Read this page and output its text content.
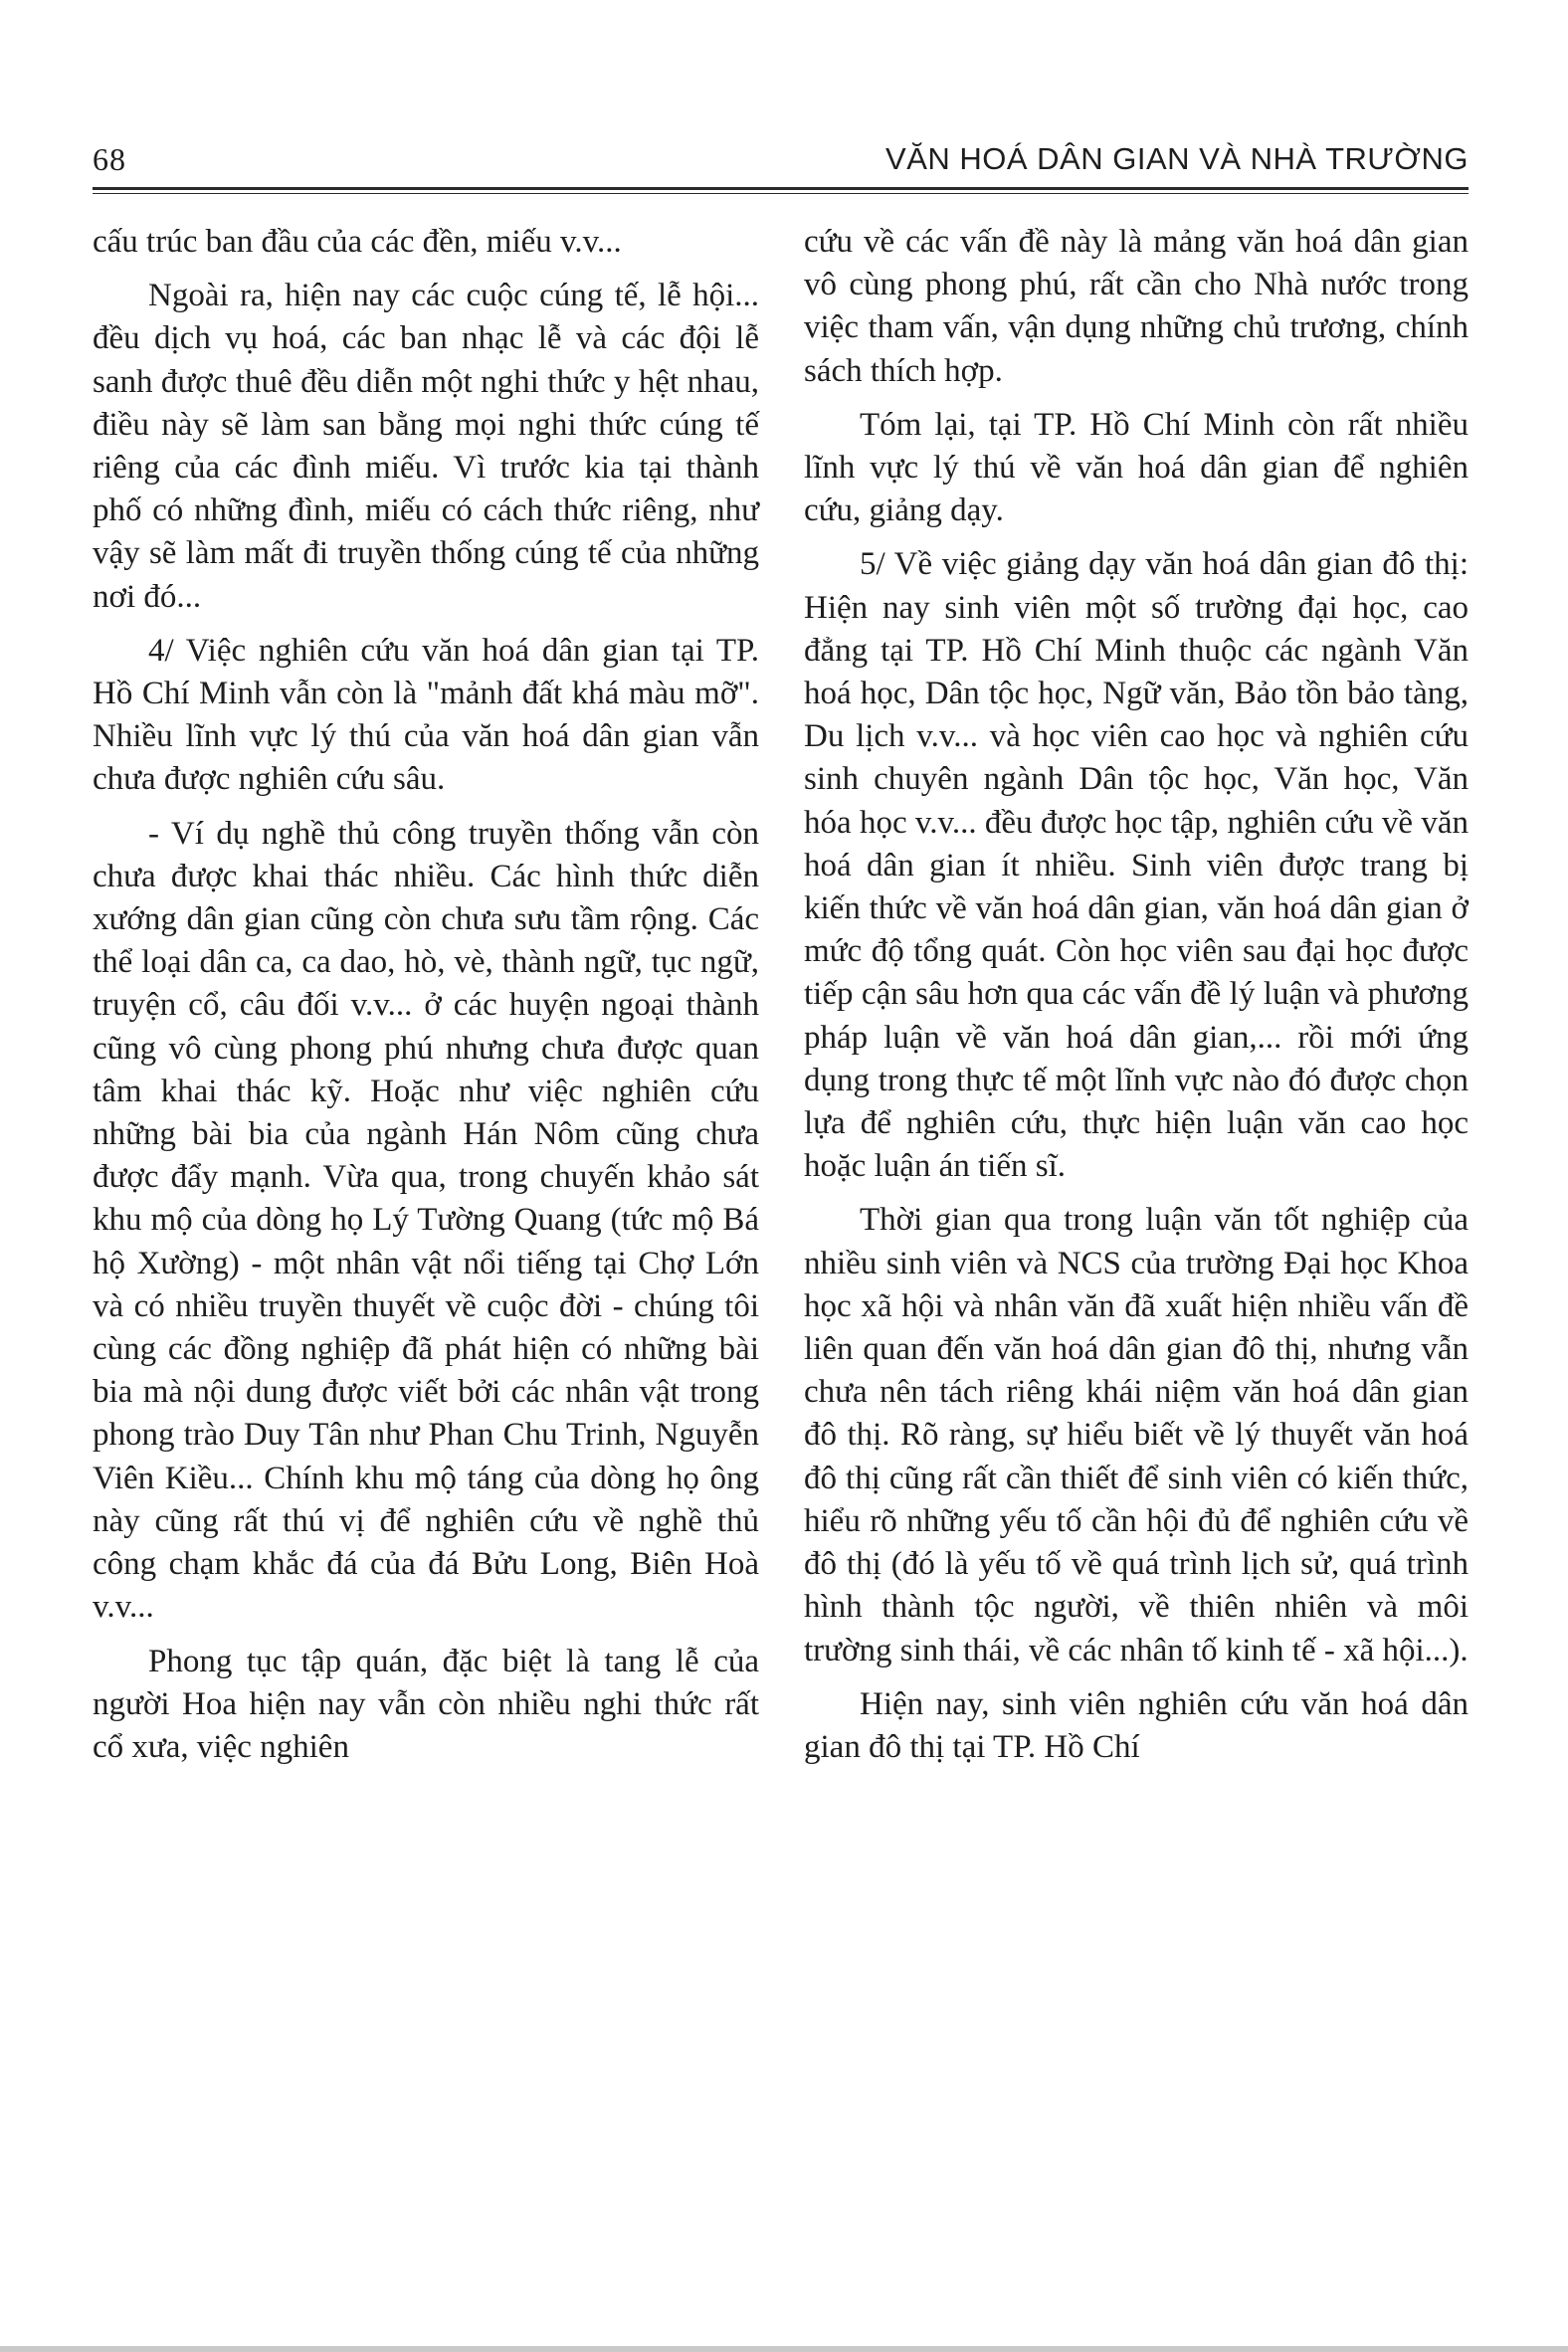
68	VĂN HOÁ DÂN GIAN VÀ NHÀ TRƯỜNG

cấu trúc ban đầu của các đền, miếu v.v...

Ngoài ra, hiện nay các cuộc cúng tế, lễ hội... đều dịch vụ hoá, các ban nhạc lễ và các đội lễ sanh được thuê đều diễn một nghi thức y hệt nhau, điều này sẽ làm san bằng mọi nghi thức cúng tế riêng của các đình miếu. Vì trước kia tại thành phố có những đình, miếu có cách thức riêng, như vậy sẽ làm mất đi truyền thống cúng tế của những nơi đó...

4/ Việc nghiên cứu văn hoá dân gian tại TP. Hồ Chí Minh vẫn còn là "mảnh đất khá màu mỡ". Nhiều lĩnh vực lý thú của văn hoá dân gian vẫn chưa được nghiên cứu sâu.

- Ví dụ nghề thủ công truyền thống vẫn còn chưa được khai thác nhiều. Các hình thức diễn xướng dân gian cũng còn chưa sưu tầm rộng. Các thể loại dân ca, ca dao, hò, vè, thành ngữ, tục ngữ, truyện cổ, câu đối v.v... ở các huyện ngoại thành cũng vô cùng phong phú nhưng chưa được quan tâm khai thác kỹ. Hoặc như việc nghiên cứu những bài bia của ngành Hán Nôm cũng chưa được đẩy mạnh. Vừa qua, trong chuyến khảo sát khu mộ của dòng họ Lý Tường Quang (tức mộ Bá hộ Xường) - một nhân vật nổi tiếng tại Chợ Lớn và có nhiều truyền thuyết về cuộc đời - chúng tôi cùng các đồng nghiệp đã phát hiện có những bài bia mà nội dung được viết bởi các nhân vật trong phong trào Duy Tân như Phan Chu Trinh, Nguyễn Viên Kiều... Chính khu mộ táng của dòng họ ông này cũng rất thú vị để nghiên cứu về nghề thủ công chạm khắc đá của đá Bửu Long, Biên Hoà v.v...

Phong tục tập quán, đặc biệt là tang lễ của người Hoa hiện nay vẫn còn nhiều nghi thức rất cổ xưa, việc nghiên

cứu về các vấn đề này là mảng văn hoá dân gian vô cùng phong phú, rất cần cho Nhà nước trong việc tham vấn, vận dụng những chủ trương, chính sách thích hợp.

Tóm lại, tại TP. Hồ Chí Minh còn rất nhiều lĩnh vực lý thú về văn hoá dân gian để nghiên cứu, giảng dạy.

5/ Về việc giảng dạy văn hoá dân gian đô thị: Hiện nay sinh viên một số trường đại học, cao đẳng tại TP. Hồ Chí Minh thuộc các ngành Văn hoá học, Dân tộc học, Ngữ văn, Bảo tồn bảo tàng, Du lịch v.v... và học viên cao học và nghiên cứu sinh chuyên ngành Dân tộc học, Văn học, Văn hóa học v.v... đều được học tập, nghiên cứu về văn hoá dân gian ít nhiều. Sinh viên được trang bị kiến thức về văn hoá dân gian, văn hoá dân gian ở mức độ tổng quát. Còn học viên sau đại học được tiếp cận sâu hơn qua các vấn đề lý luận và phương pháp luận về văn hoá dân gian,... rồi mới ứng dụng trong thực tế một lĩnh vực nào đó được chọn lựa để nghiên cứu, thực hiện luận văn cao học hoặc luận án tiến sĩ.

Thời gian qua trong luận văn tốt nghiệp của nhiều sinh viên và NCS của trường Đại học Khoa học xã hội và nhân văn đã xuất hiện nhiều vấn đề liên quan đến văn hoá dân gian đô thị, nhưng vẫn chưa nên tách riêng khái niệm văn hoá dân gian đô thị. Rõ ràng, sự hiểu biết về lý thuyết văn hoá đô thị cũng rất cần thiết để sinh viên có kiến thức, hiểu rõ những yếu tố cần hội đủ để nghiên cứu về đô thị (đó là yếu tố về quá trình lịch sử, quá trình hình thành tộc người, về thiên nhiên và môi trường sinh thái, về các nhân tố kinh tế - xã hội...).

Hiện nay, sinh viên nghiên cứu văn hoá dân gian đô thị tại TP. Hồ Chí
